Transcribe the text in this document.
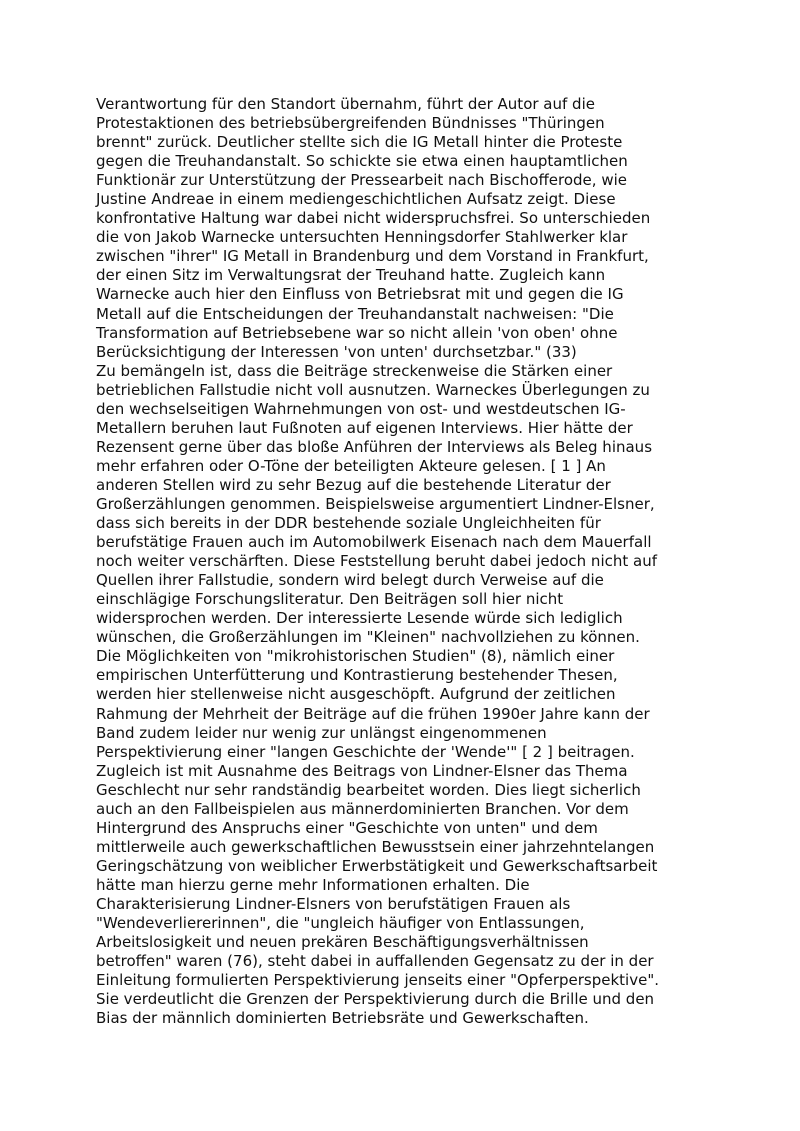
Verantwortung für den Standort übernahm, führt der Autor auf die
Protestaktionen des betriebsübergreifenden Bündnisses "Thüringen
brennt" zurück. Deutlicher stellte sich die IG Metall hinter die Proteste
gegen die Treuhandanstalt. So schickte sie etwa einen hauptamtlichen
Funktionär zur Unterstützung der Pressearbeit nach Bischofferode, wie
Justine Andreae in einem mediengeschichtlichen Aufsatz zeigt. Diese
konfrontative Haltung war dabei nicht widerspruchsfrei. So unterschieden
die von Jakob Warnecke untersuchten Henningsdorfer Stahlwerker klar
zwischen "ihrer" IG Metall in Brandenburg und dem Vorstand in Frankfurt,
der einen Sitz im Verwaltungsrat der Treuhand hatte. Zugleich kann
Warnecke auch hier den Einfluss von Betriebsrat mit und gegen die IG
Metall auf die Entscheidungen der Treuhandanstalt nachweisen: "Die
Transformation auf Betriebsebene war so nicht allein 'von oben' ohne
Berücksichtigung der Interessen 'von unten' durchsetzbar." (33)
Zu bemängeln ist, dass die Beiträge streckenweise die Stärken einer
betrieblichen Fallstudie nicht voll ausnutzen. Warneckes Überlegungen zu
den wechselseitigen Wahrnehmungen von ost- und westdeutschen IG-
Metallern beruhen laut Fußnoten auf eigenen Interviews. Hier hätte der
Rezensent gerne über das bloße Anführen der Interviews als Beleg hinaus
mehr erfahren oder O-Töne der beteiligten Akteure gelesen. [ 1 ] An
anderen Stellen wird zu sehr Bezug auf die bestehende Literatur der
Großerzählungen genommen. Beispielsweise argumentiert Lindner-Elsner,
dass sich bereits in der DDR bestehende soziale Ungleichheiten für
berufstätige Frauen auch im Automobilwerk Eisenach nach dem Mauerfall
noch weiter verschärften. Diese Feststellung beruht dabei jedoch nicht auf
Quellen ihrer Fallstudie, sondern wird belegt durch Verweise auf die
einschlägige Forschungsliteratur. Den Beiträgen soll hier nicht
widersprochen werden. Der interessierte Lesende würde sich lediglich
wünschen, die Großerzählungen im "Kleinen" nachvollziehen zu können.
Die Möglichkeiten von "mikrohistorischen Studien" (8), nämlich einer
empirischen Unterfütterung und Kontrastierung bestehender Thesen,
werden hier stellenweise nicht ausgeschöpft. Aufgrund der zeitlichen
Rahmung der Mehrheit der Beiträge auf die frühen 1990er Jahre kann der
Band zudem leider nur wenig zur unlängst eingenommenen
Perspektivierung einer "langen Geschichte der 'Wende'" [ 2 ] beitragen.
Zugleich ist mit Ausnahme des Beitrags von Lindner-Elsner das Thema
Geschlecht nur sehr randständig bearbeitet worden. Dies liegt sicherlich
auch an den Fallbeispielen aus männerdominierten Branchen. Vor dem
Hintergrund des Anspruchs einer "Geschichte von unten" und dem
mittlerweile auch gewerkschaftlichen Bewusstsein einer jahrzehntelangen
Geringschätzung von weiblicher Erwerbstätigkeit und Gewerkschaftsarbeit
hätte man hierzu gerne mehr Informationen erhalten. Die
Charakterisierung Lindner-Elsners von berufstätigen Frauen als
"Wendeverliererinnen", die "ungleich häufiger von Entlassungen,
Arbeitslosigkeit und neuen prekären Beschäftigungsverhältnissen
betroffen" waren (76), steht dabei in auffallenden Gegensatz zu der in der
Einleitung formulierten Perspektivierung jenseits einer "Opferperspektive".
Sie verdeutlicht die Grenzen der Perspektivierung durch die Brille und den
Bias der männlich dominierten Betriebsräte und Gewerkschaften.
